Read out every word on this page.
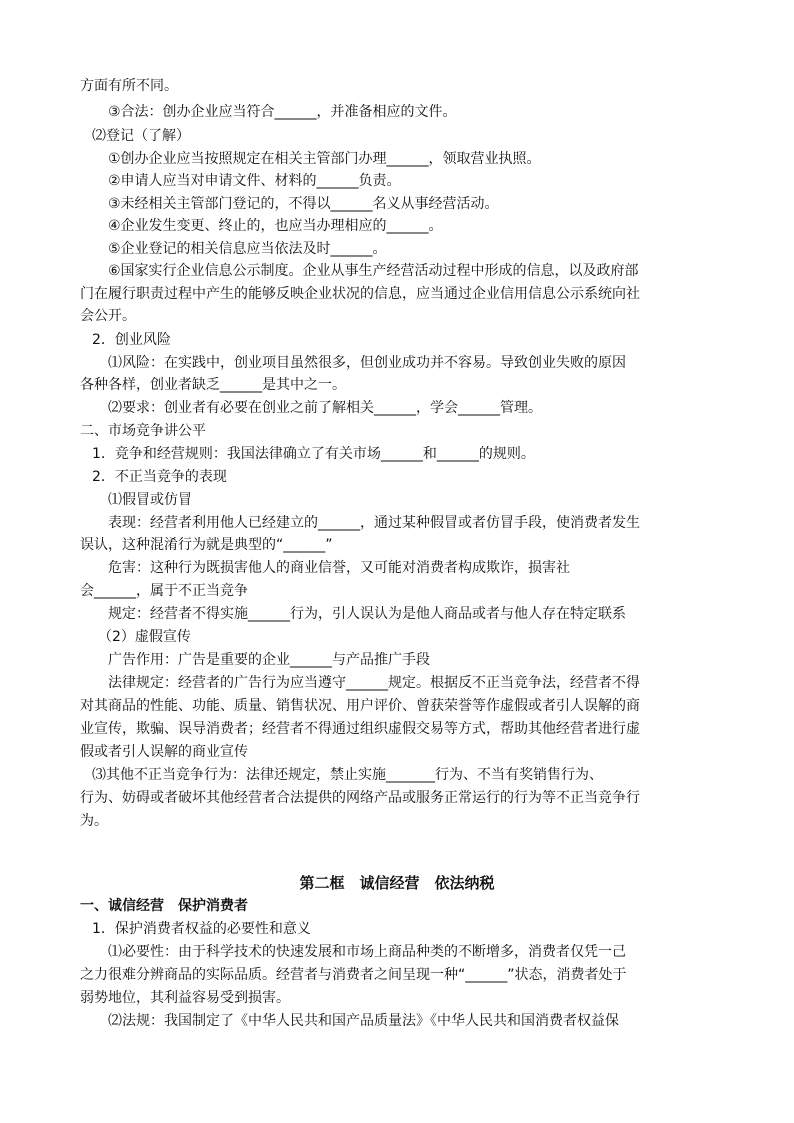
方面有所不同。
③合法：创办企业应当符合______，并准备相应的文件。
⑵登记（了解）
①创办企业应当按照规定在相关主管部门办理______，领取营业执照。
②申请人应当对申请文件、材料的______负责。
③未经相关主管部门登记的，不得以______名义从事经营活动。
④企业发生变更、终止的，也应当办理相应的______。
⑤企业登记的相关信息应当依法及时______。
⑥国家实行企业信息公示制度。企业从事生产经营活动过程中形成的信息，以及政府部
门在履行职责过程中产生的能够反映企业状况的信息，应当通过企业信用信息公示系统向社
会公开。
2．创业风险
⑴风险：在实践中，创业项目虽然很多，但创业成功并不容易。导致创业失败的原因
各种各样，创业者缺乏______是其中之一。
⑵要求：创业者有必要在创业之前了解相关______，学会______管理。
二、市场竞争讲公平
1．竞争和经营规则：我国法律确立了有关市场______和______的规则。
2．不正当竞争的表现
⑴假冒或仿冒
表现：经营者利用他人已经建立的______，通过某种假冒或者仿冒手段，使消费者发生
误认，这种混淆行为就是典型的“______”
危害：这种行为既损害他人的商业信誉，又可能对消费者构成欺诈，损害社
会______，属于不正当竞争
规定：经营者不得实施______行为，引人误认为是他人商品或者与他人存在特定联系
（2）虚假宣传
广告作用：广告是重要的企业______与产品推广手段
法律规定：经营者的广告行为应当遵守______规定。根据反不正当竞争法，经营者不得
对其商品的性能、功能、质量、销售状况、用户评价、曾获荣誉等作虚假或者引人误解的商
业宣传，欺骗、误导消费者；经营者不得通过组织虚假交易等方式，帮助其他经营者进行虚
假或者引人误解的商业宣传
⑶其他不正当竞争行为：法律还规定，禁止实施_______行为、不当有奖销售行为、
行为、妨碍或者破坏其他经营者合法提供的网络产品或服务正常运行的行为等不正当竞争行
为。
第二框　诚信经营　依法纳税
一、诚信经营　保护消费者
1．保护消费者权益的必要性和意义
⑴必要性：由于科学技术的快速发展和市场上商品种类的不断增多，消费者仅凭一己
之力很难分辨商品的实际品质。经营者与消费者之间呈现一种“______”状态，消费者处于
弱势地位，其利益容易受到损害。
⑵法规：我国制定了《中华人民共和国产品质量法》《中华人民共和国消费者权益保
